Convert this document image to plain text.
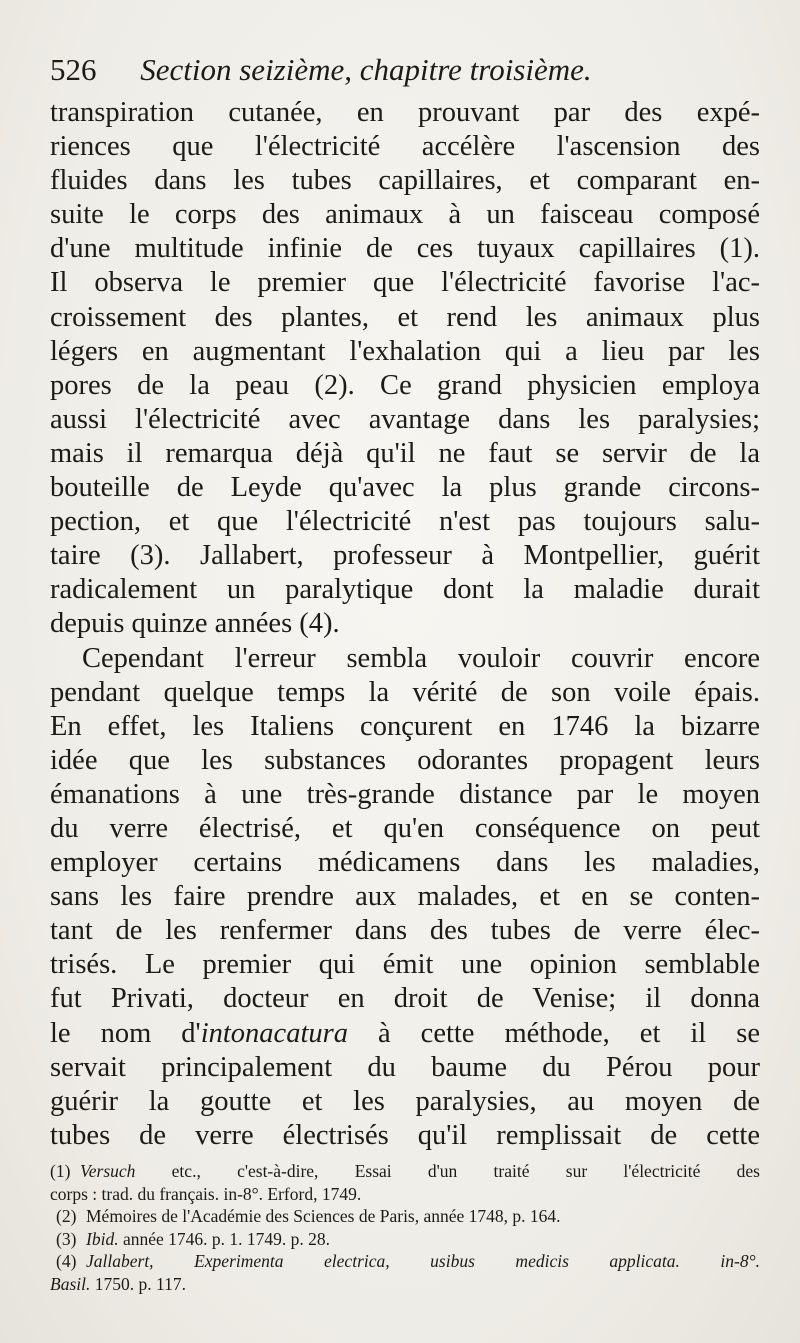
526 Section seizième, chapitre troisième.
transpiration cutanée, en prouvant par des expé-
riences que l'électricité accélère l'ascension des
fluides dans les tubes capillaires, et comparant en-
suite le corps des animaux à un faisceau composé
d'une multitude infinie de ces tuyaux capillaires (1).
Il observa le premier que l'électricité favorise l'ac-
croissement des plantes, et rend les animaux plus
légers en augmentant l'exhalation qui a lieu par les
pores de la peau (2). Ce grand physicien employa
aussi l'électricité avec avantage dans les paralysies;
mais il remarqua déjà qu'il ne faut se servir de la
bouteille de Leyde qu'avec la plus grande circons-
pection, et que l'électricité n'est pas toujours salu-
taire (3). Jallabert, professeur à Montpellier, guérit
radicalement un paralytique dont la maladie durait
depuis quinze années (4).
Cependant l'erreur sembla vouloir couvrir encore
pendant quelque temps la vérité de son voile épais.
En effet, les Italiens conçurent en 1746 la bizarre
idée que les substances odorantes propagent leurs
émanations à une très-grande distance par le moyen
du verre électrisé, et qu'en conséquence on peut
employer certains médicamens dans les maladies,
sans les faire prendre aux malades, et en se conten-
tant de les renfermer dans des tubes de verre élec-
trisés. Le premier qui émit une opinion semblable
fut Privati, docteur en droit de Venise; il donna
le nom d'intonacatura à cette méthode, et il se
servait principalement du baume du Pérou pour
guérir la goutte et les paralysies, au moyen de
tubes de verre électrisés qu'il remplissait de cette
(1) Versuch etc., c'est-à-dire, Essai d'un traité sur l'électricité des
corps : trad. du français. in-8°. Erford, 1749.
(2) Mémoires de l'Académie des Sciences de Paris, année 1748, p. 164.
(3) Ibid. année 1746. p. 1. 1749. p. 28.
(4) Jallabert, Experimenta electrica, usibus medicis applicata. in-8°.
Basil. 1750. p. 117.
